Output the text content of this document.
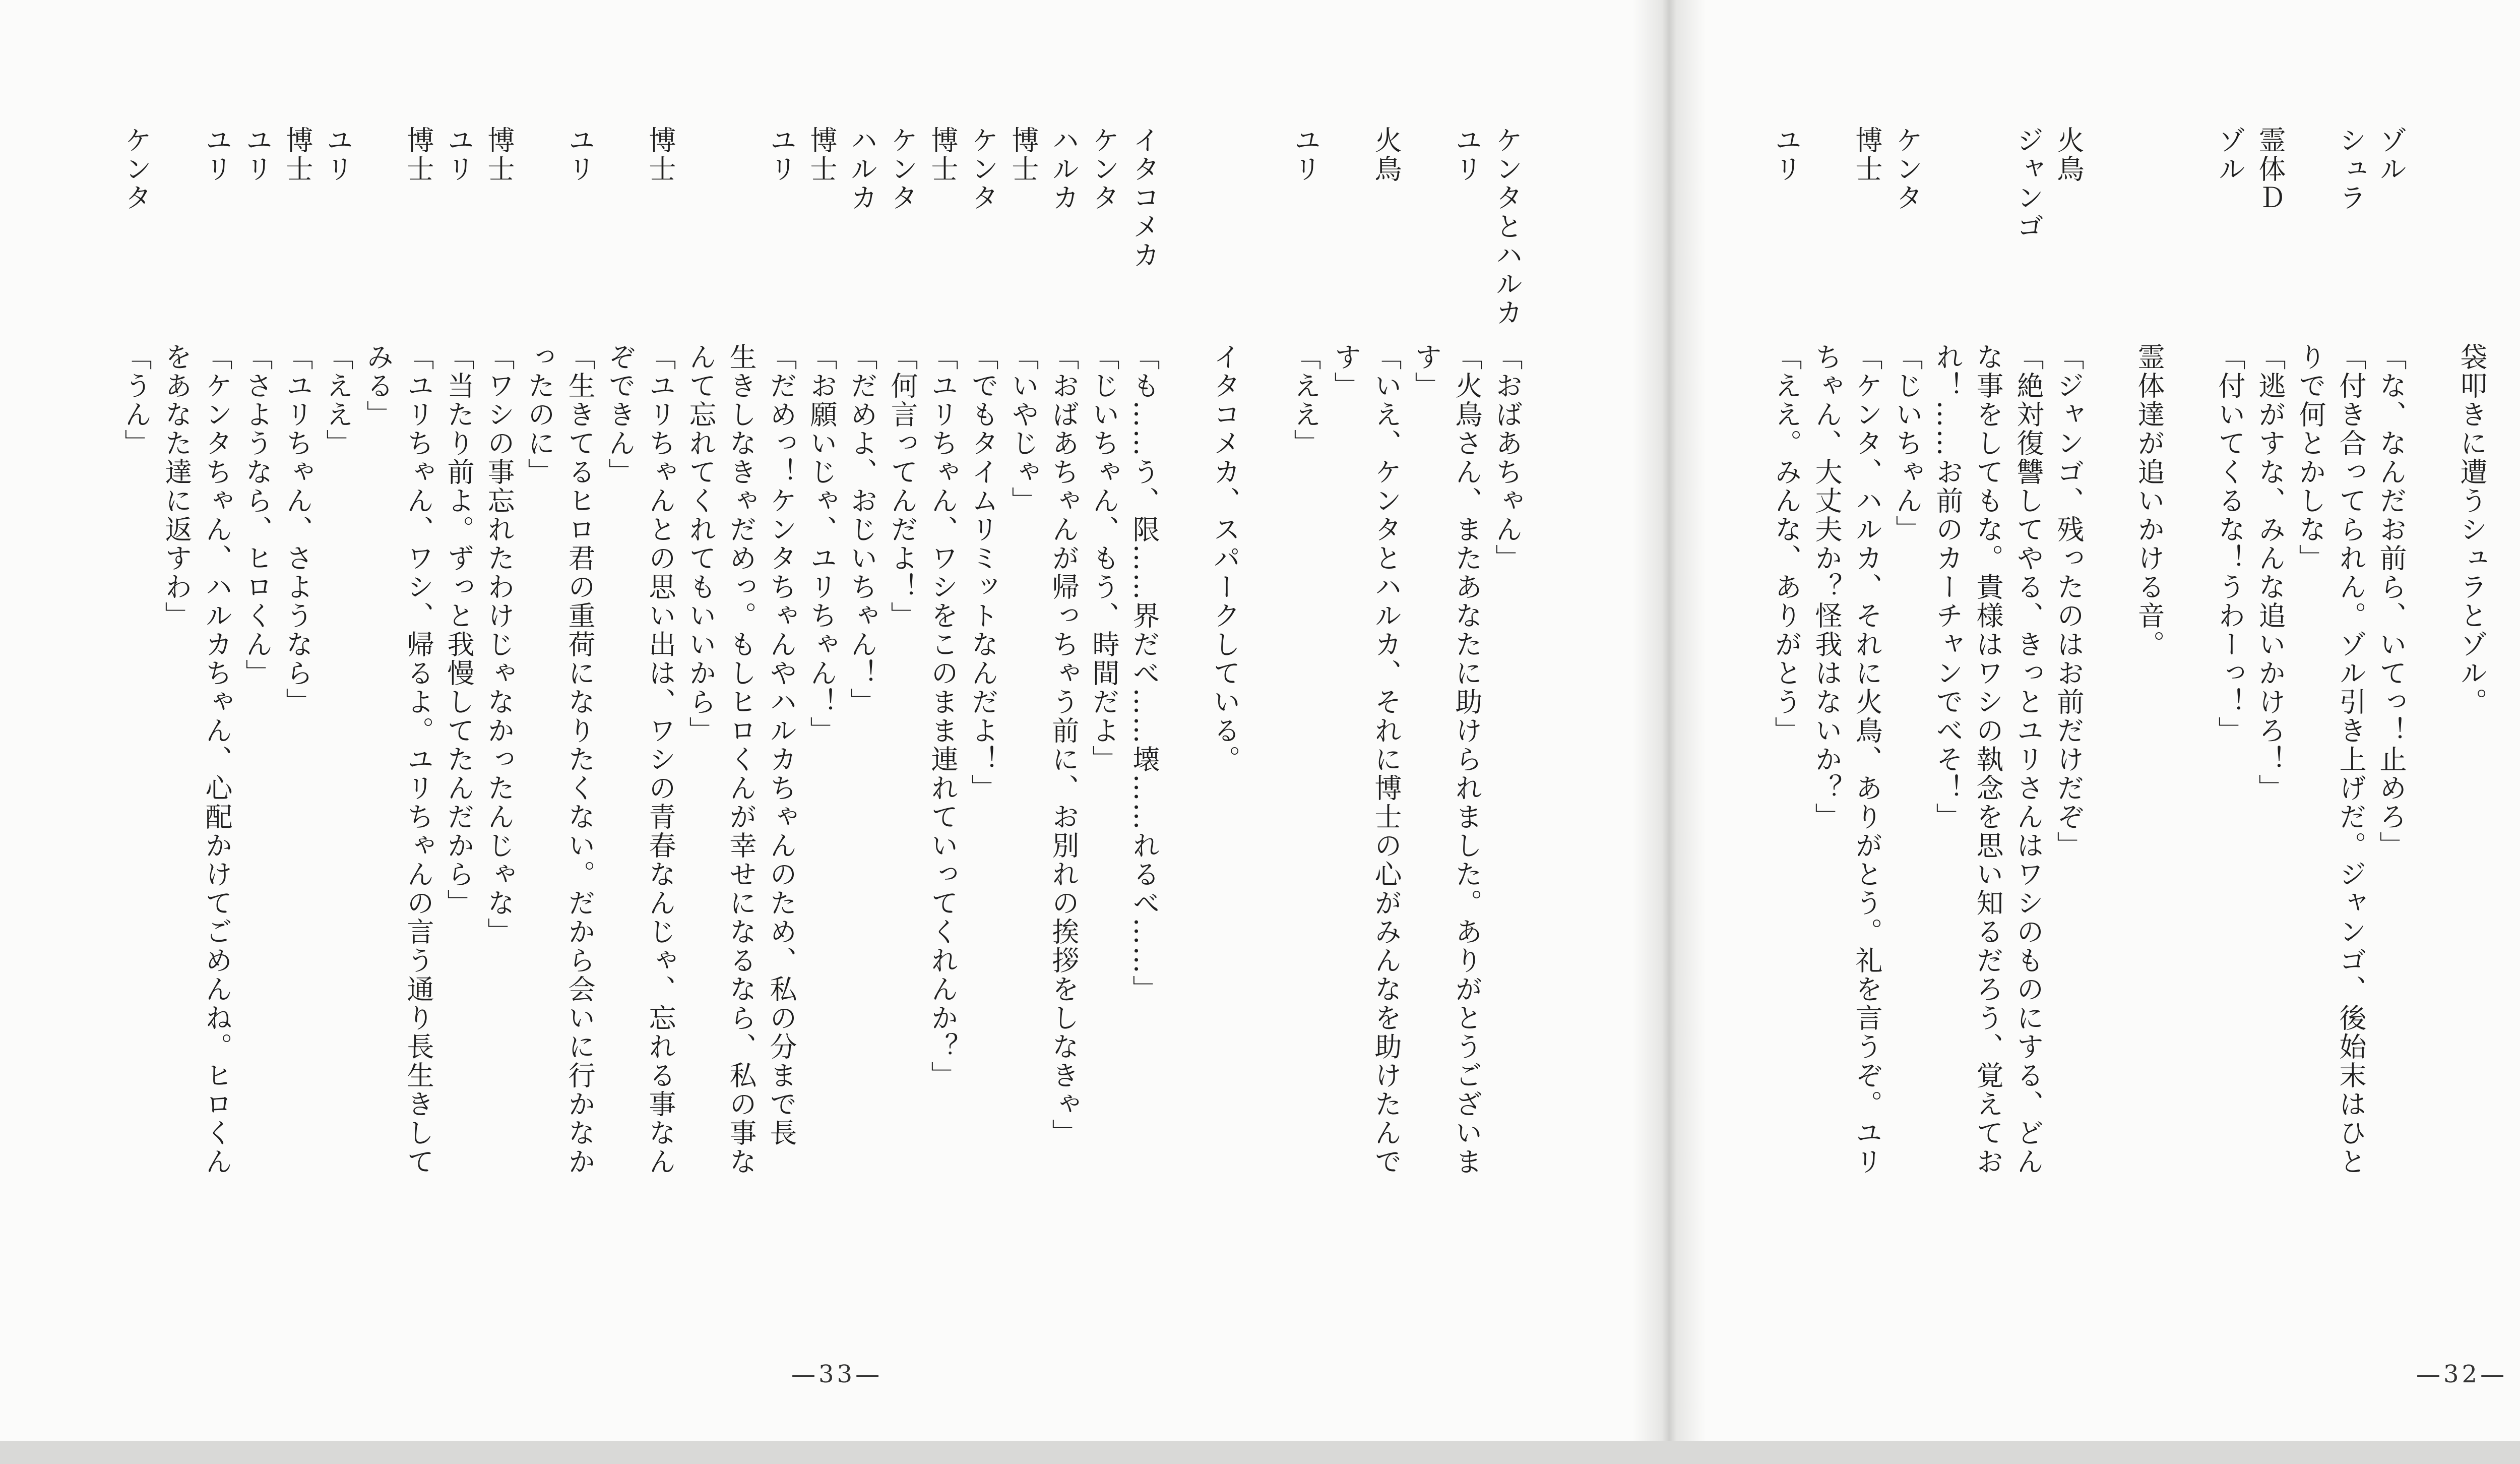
ケンタとハルカ「おばあちゃん」
ユリ「火鳥さん、またあなたに助けられました。ありがとうございま
す」
火鳥「いえ、ケンタとハルカ、それに博士の心がみんなを助けたんで
す」
ユリ「ええ」
イタコメカ、スパークしている。
イタコメカ「も……う、限……界だべ……壊……れるべ……」
ケンタ「じいちゃん、もう、時間だよ」
ハルカ「おばあちゃんが帰っちゃう前に、お別れの挨拶をしなきゃ」
博士「いやじゃ」
ケンタ「でもタイムリミットなんだよ！」
博士「ユリちゃん、ワシをこのまま連れていってくれんか？」
ケンタ「何言ってんだよ！」
ハルカ「だめよ、おじいちゃん！」
博士「お願いじゃ、ユリちゃん！」
ユリ「だめっ！ケンタちゃんやハルカちゃんのため、私の分まで長
生きしなきゃだめっ。もしヒロくんが幸せになるなら、私の事な
んて忘れてくれてもいいから」
博士「ユリちゃんとの思い出は、ワシの青春なんじゃ、忘れる事なん
ぞできん」
ユリ「生きてるヒロ君の重荷になりたくない。だから会いに行かなか
ったのに」
博士「ワシの事忘れたわけじゃなかったんじゃな」
ユリ「当たり前よ。ずっと我慢してたんだから」
博士「ユリちゃん、ワシ、帰るよ。ユリちゃんの言う通り長生きして
みる」
ユリ「ええ」
博士「ユリちゃん、さようなら」
ユリ「さようなら、ヒロくん」
ユリ「ケンタちゃん、ハルカちゃん、心配かけてごめんね。ヒロくん
をあなた達に返すわ」
ケンタ「うん」
—33—
袋叩きに遭うシュラとゾル。
ゾル「な、なんだお前ら、いてっ！止めろ」
シュラ「付き合ってられん。ゾル引き上げだ。ジャンゴ、後始末はひと
りで何とかしな」
霊体Ｄ「逃がすな、みんな追いかけろ！」
ゾル「付いてくるな！うわーっ！」
霊体達が追いかける音。
火鳥「ジャンゴ、残ったのはお前だけだぞ」
ジャンゴ「絶対復讐してやる、きっとユリさんはワシのものにする、どん
な事をしてもな。貴様はワシの執念を思い知るだろう、覚えてお
れ！……お前のカーチャンでべそ！」
ケンタ「じいちゃん」
博士「ケンタ、ハルカ、それに火鳥、ありがとう。礼を言うぞ。ユリ
ちゃん、大丈夫か？怪我はないか？」
ユリ「ええ。みんな、ありがとう」
—32—
